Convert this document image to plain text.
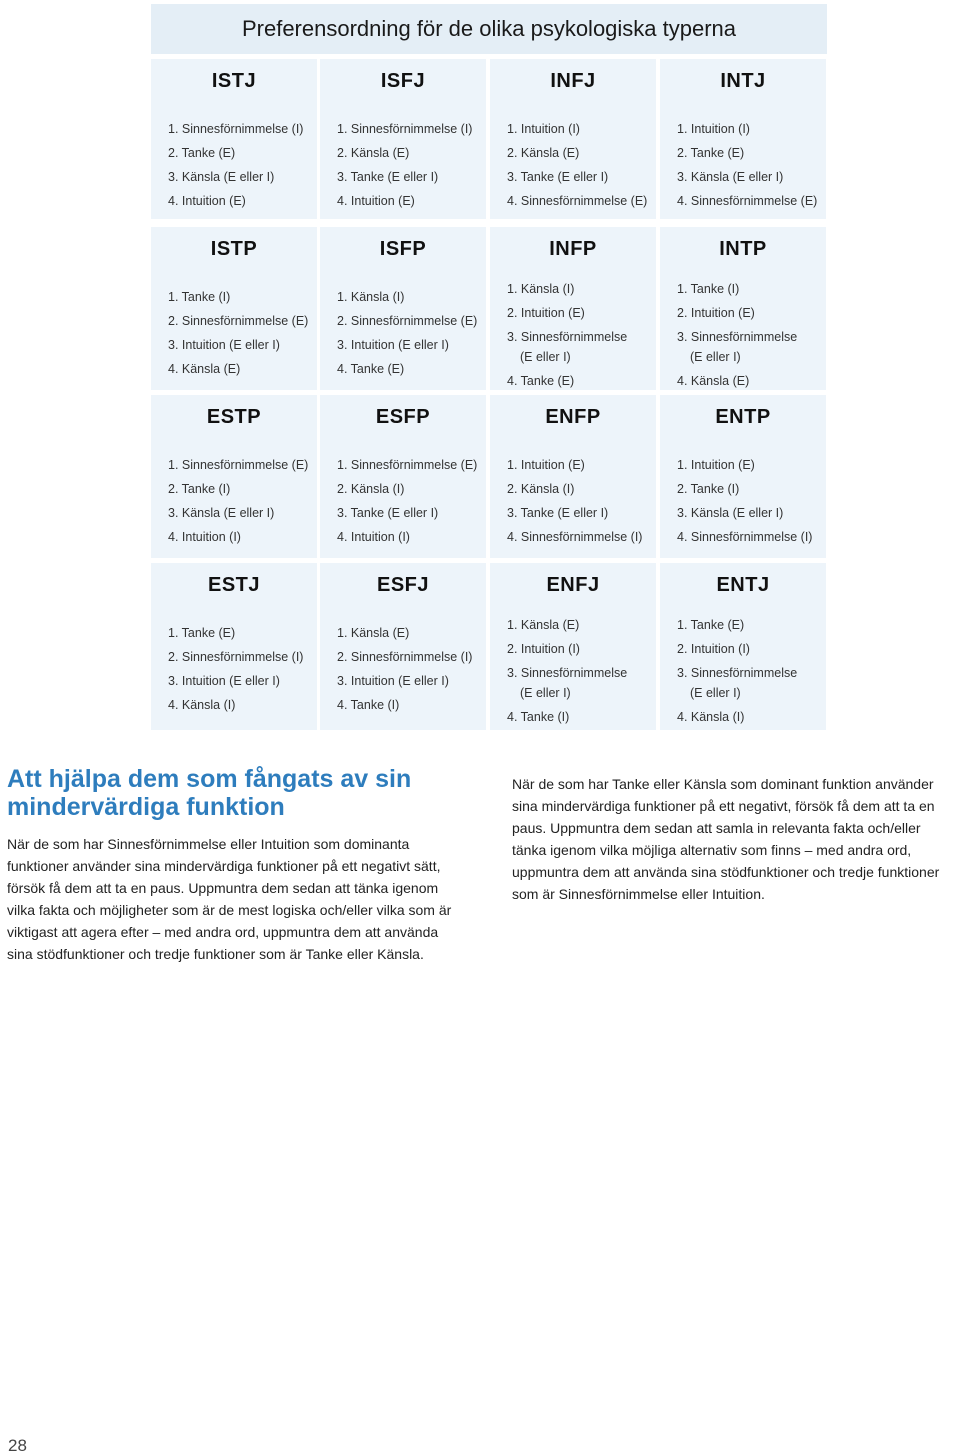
Preferensordning för de olika psykologiska typerna
ISTJ
1. Sinnesförnimmelse (I)
2. Tanke (E)
3. Känsla (E eller I)
4. Intuition (E)
ISFJ
1. Sinnesförnimmelse (I)
2. Känsla (E)
3. Tanke (E eller I)
4. Intuition (E)
INFJ
1. Intuition (I)
2. Känsla (E)
3. Tanke (E eller I)
4. Sinnesförnimmelse (E)
INTJ
1. Intuition (I)
2. Tanke (E)
3. Känsla (E eller I)
4. Sinnesförnimmelse (E)
ISTP
1. Tanke (I)
2. Sinnesförnimmelse (E)
3. Intuition (E eller I)
4. Känsla (E)
ISFP
1. Känsla (I)
2. Sinnesförnimmelse (E)
3. Intuition (E eller I)
4. Tanke (E)
INFP
1. Känsla (I)
2. Intuition (E)
3. Sinnesförnimmelse
(E eller I)
4. Tanke (E)
INTP
1. Tanke (I)
2. Intuition (E)
3. Sinnesförnimmelse
(E eller I)
4. Känsla (E)
ESTP
1. Sinnesförnimmelse (E)
2. Tanke (I)
3. Känsla (E eller I)
4. Intuition (I)
ESFP
1. Sinnesförnimmelse (E)
2. Känsla (I)
3. Tanke (E eller I)
4. Intuition (I)
ENFP
1. Intuition (E)
2. Känsla (I)
3. Tanke (E eller I)
4. Sinnesförnimmelse (I)
ENTP
1. Intuition (E)
2. Tanke (I)
3. Känsla (E eller I)
4. Sinnesförnimmelse (I)
ESTJ
1. Tanke (E)
2. Sinnesförnimmelse (I)
3. Intuition (E eller I)
4. Känsla (I)
ESFJ
1. Känsla (E)
2. Sinnesförnimmelse (I)
3. Intuition (E eller I)
4. Tanke (I)
ENFJ
1. Känsla (E)
2. Intuition (I)
3. Sinnesförnimmelse
(E eller I)
4. Tanke (I)
ENTJ
1. Tanke (E)
2. Intuition (I)
3. Sinnesförnimmelse
(E eller I)
4. Känsla (I)
Att hjälpa dem som fångats av sin mindervärdiga funktion

När de som har Sinnesförnimmelse eller Intuition som dominanta funktioner använder sina mindervärdiga funktioner på ett negativt sätt, försök få dem att ta en paus. Uppmuntra dem sedan att tänka igenom vilka fakta och möjligheter som är de mest logiska och/eller vilka som är viktigast att agera efter – med andra ord, uppmuntra dem att använda sina stödfunktioner och tredje funktioner som är Tanke eller Känsla.

När de som har Tanke eller Känsla som dominant funktion använder sina mindervärdiga funktioner på ett negativt, försök få dem att ta en paus. Uppmuntra dem sedan att samla in relevanta fakta och/eller tänka igenom vilka möjliga alternativ som finns – med andra ord, uppmuntra dem att använda sina stödfunktioner och tredje funktioner som är Sinnesförnimmelse eller Intuition.

28
